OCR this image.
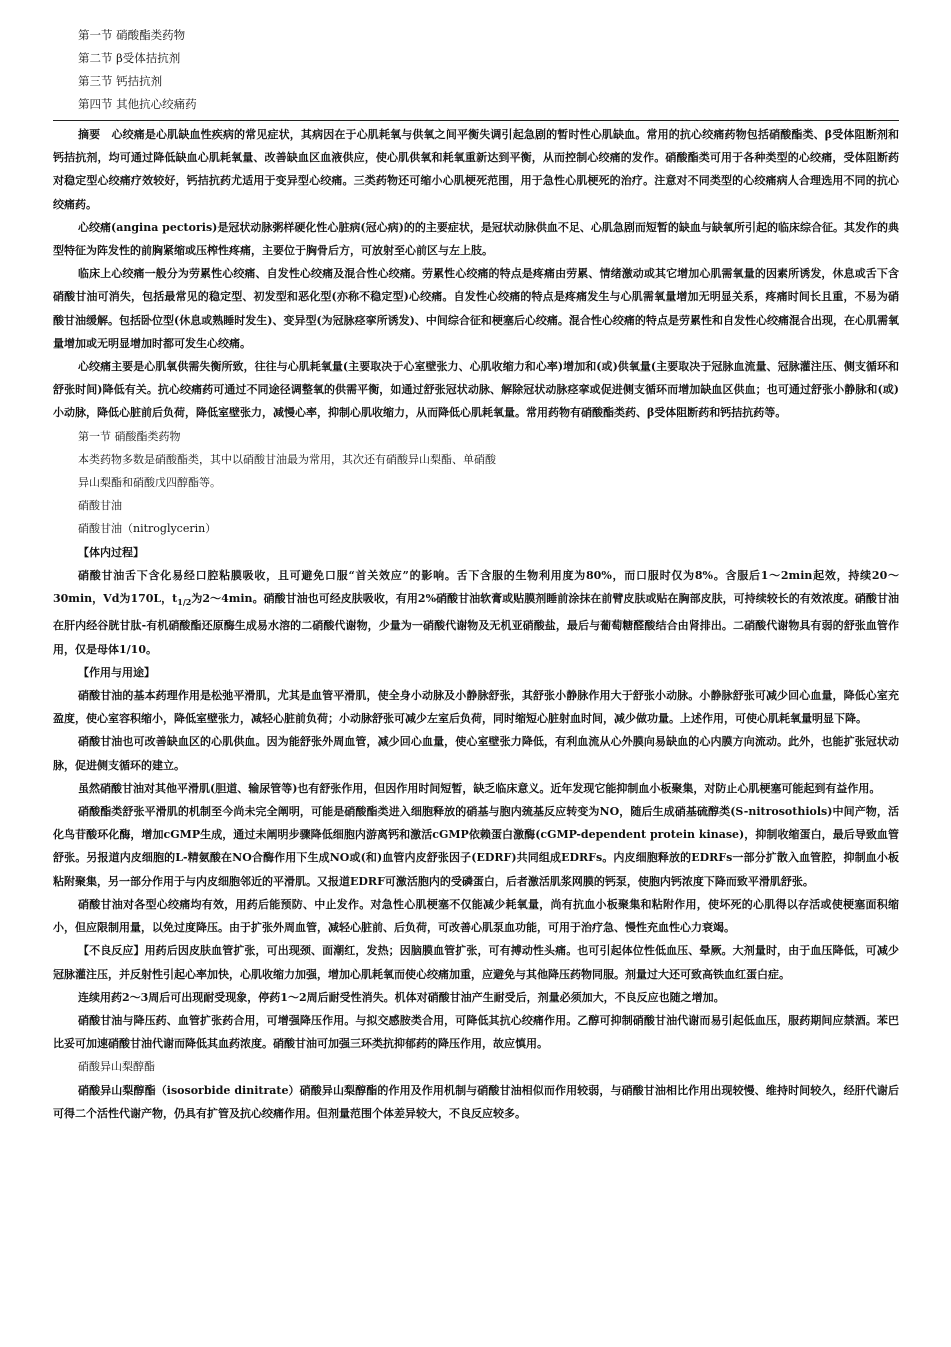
第一节 硝酸酯类药物
第二节 β受体拮抗剂
第三节 钙拮抗剂
第四节 其他抗心绞痛药

摘要　心绞痛是心肌缺血性疾病的常见症状，其病因在于心肌耗氧与供氧之间平衡失调引起急剧的暂时性心肌缺血。常用的抗心绞痛药物包括硝酸酯类、β受体阻断剂和钙拮抗剂，均可通过降低缺血心肌耗氧量、改善缺血区血液供应，使心肌供氧和耗氧重新达到平衡，从而控制心绞痛的发作。硝酸酯类可用于各种类型的心绞痛，受体阻断药对稳定型心绞痛疗效较好，钙拮抗药尤适用于变异型心绞痛。三类药物还可缩小心肌梗死范围，用于急性心肌梗死的治疗。注意对不同类型的心绞痛病人合理选用不同的抗心绞痛药。

心绞痛(angina pectoris)是冠状动脉粥样硬化性心脏病(冠心病)的的主要症状，是冠状动脉供血不足、心肌急剧而短暂的缺血与缺氧所引起的临床综合征。其发作的典型特征为阵发性的前胸紧缩或压榨性疼痛，主要位于胸骨后方，可放射至心前区与左上肢。

临床上心绞痛一般分为劳累性心绞痛、自发性心绞痛及混合性心绞痛。劳累性心绞痛的特点是疼痛由劳累、情绪激动或其它增加心肌需氧量的因素所诱发，休息或舌下含硝酸甘油可消失，包括最常见的稳定型、初发型和恶化型(亦称不稳定型)心绞痛。自发性心绞痛的特点是疼痛发生与心肌需氧量增加无明显关系，疼痛时间长且重，不易为硝酸甘油缓解。包括卧位型(休息或熟睡时发生)、变异型(为冠脉痉挛所诱发)、中间综合征和梗塞后心绞痛。混合性心绞痛的特点是劳累性和自发性心绞痛混合出现，在心肌需氧量增加或无明显增加时都可发生心绞痛。

心绞痛主要是心肌氧供需失衡所致，往往与心肌耗氧量(主要取决于心室壁张力、心肌收缩力和心率)增加和(或)供氧量(主要取决于冠脉血流量、冠脉灌注压、侧支循环和舒张时间)降低有关。抗心绞痛药可通过不同途径调整氧的供需平衡，如通过舒张冠状动脉、解除冠状动脉痉挛或促进侧支循环而增加缺血区供血；也可通过舒张小静脉和(或)小动脉，降低心脏前后负荷，降低室壁张力，减慢心率，抑制心肌收缩力，从而降低心肌耗氧量。常用药物有硝酸酯类药、β受体阻断药和钙拮抗药等。

第一节 硝酸酯类药物

本类药物多数是硝酸酯类，其中以硝酸甘油最为常用，其次还有硝酸异山梨酯、单硝酸

异山梨酯和硝酸戊四醇酯等。

硝酸甘油

硝酸甘油（nitroglycerin）

【体内过程】

硝酸甘油舌下含化易经口腔粘膜吸收，且可避免口服“首关效应”的影响。舌下含服的生物利用度为80%，而口服时仅为8%。含服后1～2min起效，持续20～30min，Vd为170L，$t_{1/2}$为2～4min。硝酸甘油也可经皮肤吸收，有用2%硝酸甘油软膏或贴膜剂睡前涂抹在前臂皮肤或贴在胸部皮肤，可持续较长的有效浓度。硝酸甘油在肝内经谷胱甘肽-有机硝酸酯还原酶生成易水溶的二硝酸代谢物，少量为一硝酸代谢物及无机亚硝酸盐，最后与葡萄糖醛酸结合由肾排出。二硝酸代谢物具有弱的舒张血管作用，仅是母体1/10。

【作用与用途】

硝酸甘油的基本药理作用是松弛平滑肌，尤其是血管平滑肌，使全身小动脉及小静脉舒张，其舒张小静脉作用大于舒张小动脉。小静脉舒张可减少回心血量，降低心室充盈度，使心室容积缩小，降低室壁张力，减轻心脏前负荷；小动脉舒张可减少左室后负荷，同时缩短心脏射血时间，减少做功量。上述作用，可使心肌耗氧量明显下降。

硝酸甘油也可改善缺血区的心肌供血。因为能舒张外周血管，减少回心血量，使心室壁张力降低，有利血流从心外膜向易缺血的心内膜方向流动。此外，也能扩张冠状动脉，促进侧支循环的建立。

虽然硝酸甘油对其他平滑肌(胆道、输尿管等)也有舒张作用，但因作用时间短暂，缺乏临床意义。近年发现它能抑制血小板聚集，对防止心肌梗塞可能起到有益作用。

硝酸酯类舒张平滑肌的机制至今尚未完全阐明，可能是硝酸酯类进入细胞释放的硝基与胞内巯基反应转变为NO，随后生成硝基硫醇类(S-nitrosothiols)中间产物，活化鸟苷酸环化酶，增加cGMP生成，通过未阐明步骤降低细胞内游离钙和激活cGMP依赖蛋白激酶(cGMP-dependent protein kinase)，抑制收缩蛋白，最后导致血管舒张。另报道内皮细胞的L-精氨酸在NO合酶作用下生成NO或(和)血管内皮舒张因子(EDRF)共同组成EDRFs。内皮细胞释放的EDRFs一部分扩散入血管腔，抑制血小板粘附聚集，另一部分作用于与内皮细胞邻近的平滑肌。又报道EDRF可激活胞内的受磷蛋白，后者激活肌浆网膜的钙泵，使胞内钙浓度下降而致平滑肌舒张。

硝酸甘油对各型心绞痛均有效，用药后能预防、中止发作。对急性心肌梗塞不仅能减少耗氧量，尚有抗血小板聚集和粘附作用，使坏死的心肌得以存活或使梗塞面积缩小，但应限制用量，以免过度降压。由于扩张外周血管，减轻心脏前、后负荷，可改善心肌泵血功能，可用于治疗急、慢性充血性心力衰竭。

【不良反应】用药后因皮肤血管扩张，可出现颈、面潮红，发热；因脑膜血管扩张，可有搏动性头痛。也可引起体位性低血压、晕厥。大剂量时，由于血压降低，可减少冠脉灌注压，并反射性引起心率加快，心肌收缩力加强，增加心肌耗氧而使心绞痛加重，应避免与其他降压药物同服。剂量过大还可致高铁血红蛋白症。

连续用药2～3周后可出现耐受现象，停药1～2周后耐受性消失。机体对硝酸甘油产生耐受后，剂量必须加大，不良反应也随之增加。

硝酸甘油与降压药、血管扩张药合用，可增强降压作用。与拟交感胺类合用，可降低其抗心绞痛作用。乙醇可抑制硝酸甘油代谢而易引起低血压，服药期间应禁酒。苯巴比妥可加速硝酸甘油代谢而降低其血药浓度。硝酸甘油可加强三环类抗抑郁药的降压作用，故应慎用。

硝酸异山梨醇酯

硝酸异山梨醇酯（isosorbide dinitrate）硝酸异山梨醇酯的作用及作用机制与硝酸甘油相似而作用较弱，与硝酸甘油相比作用出现较慢、维持时间较久，经肝代谢后可得二个活性代谢产物，仍具有扩管及抗心绞痛作用。但剂量范围个体差异较大，不良反应较多。
